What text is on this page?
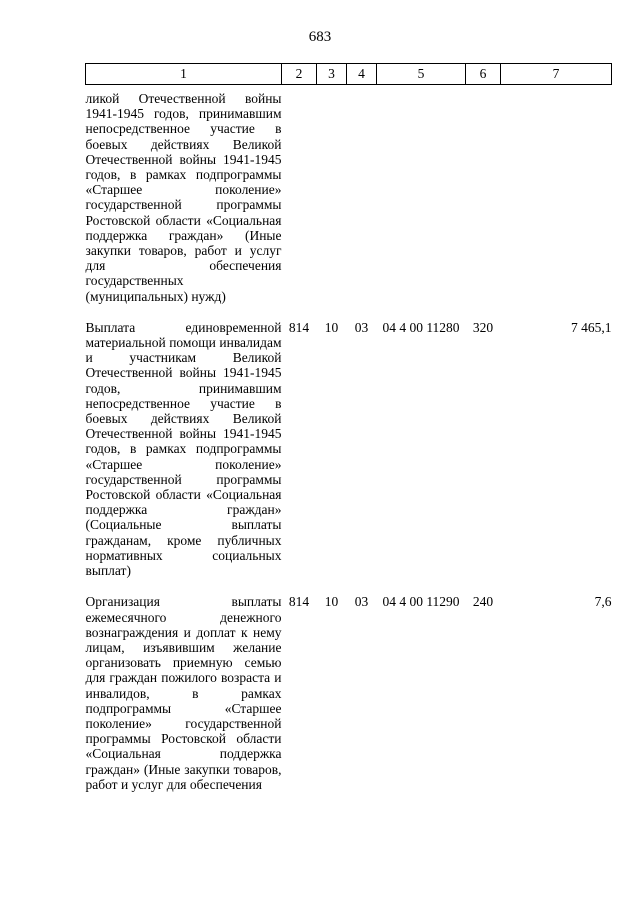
683
1	2	3	4	5	6	7
ликой Отечественной войны 1941-1945 годов, принимавшим непосредственное участие в боевых действиях Великой Отечественной войны 1941-1945 годов, в рамках подпрограммы «Старшее поколение» государственной программы Ростовской области «Социальная поддержка граждан» (Иные закупки товаров, работ и услуг для обеспечения государственных (муниципальных) нужд)						
Выплата единовременной материальной помощи инвалидам и участникам Великой Отечественной войны 1941-1945 годов, принимавшим непосредственное участие в боевых действиях Великой Отечественной войны 1941-1945 годов, в рамках подпрограммы «Старшее поколение» государственной программы Ростовской области «Социальная поддержка граждан» (Социальные выплаты гражданам, кроме публичных нормативных социальных выплат)	814	10	03	04 4 00 11280	320	7 465,1
Организация выплаты ежемесячного денежного вознаграждения и доплат к нему лицам, изъявившим желание организовать приемную семью для граждан пожилого возраста и инвалидов, в рамках подпрограммы «Старшее поколение» государственной программы Ростовской области «Социальная поддержка граждан» (Иные закупки товаров, работ и услуг для обеспечения	814	10	03	04 4 00 11290	240	7,6
